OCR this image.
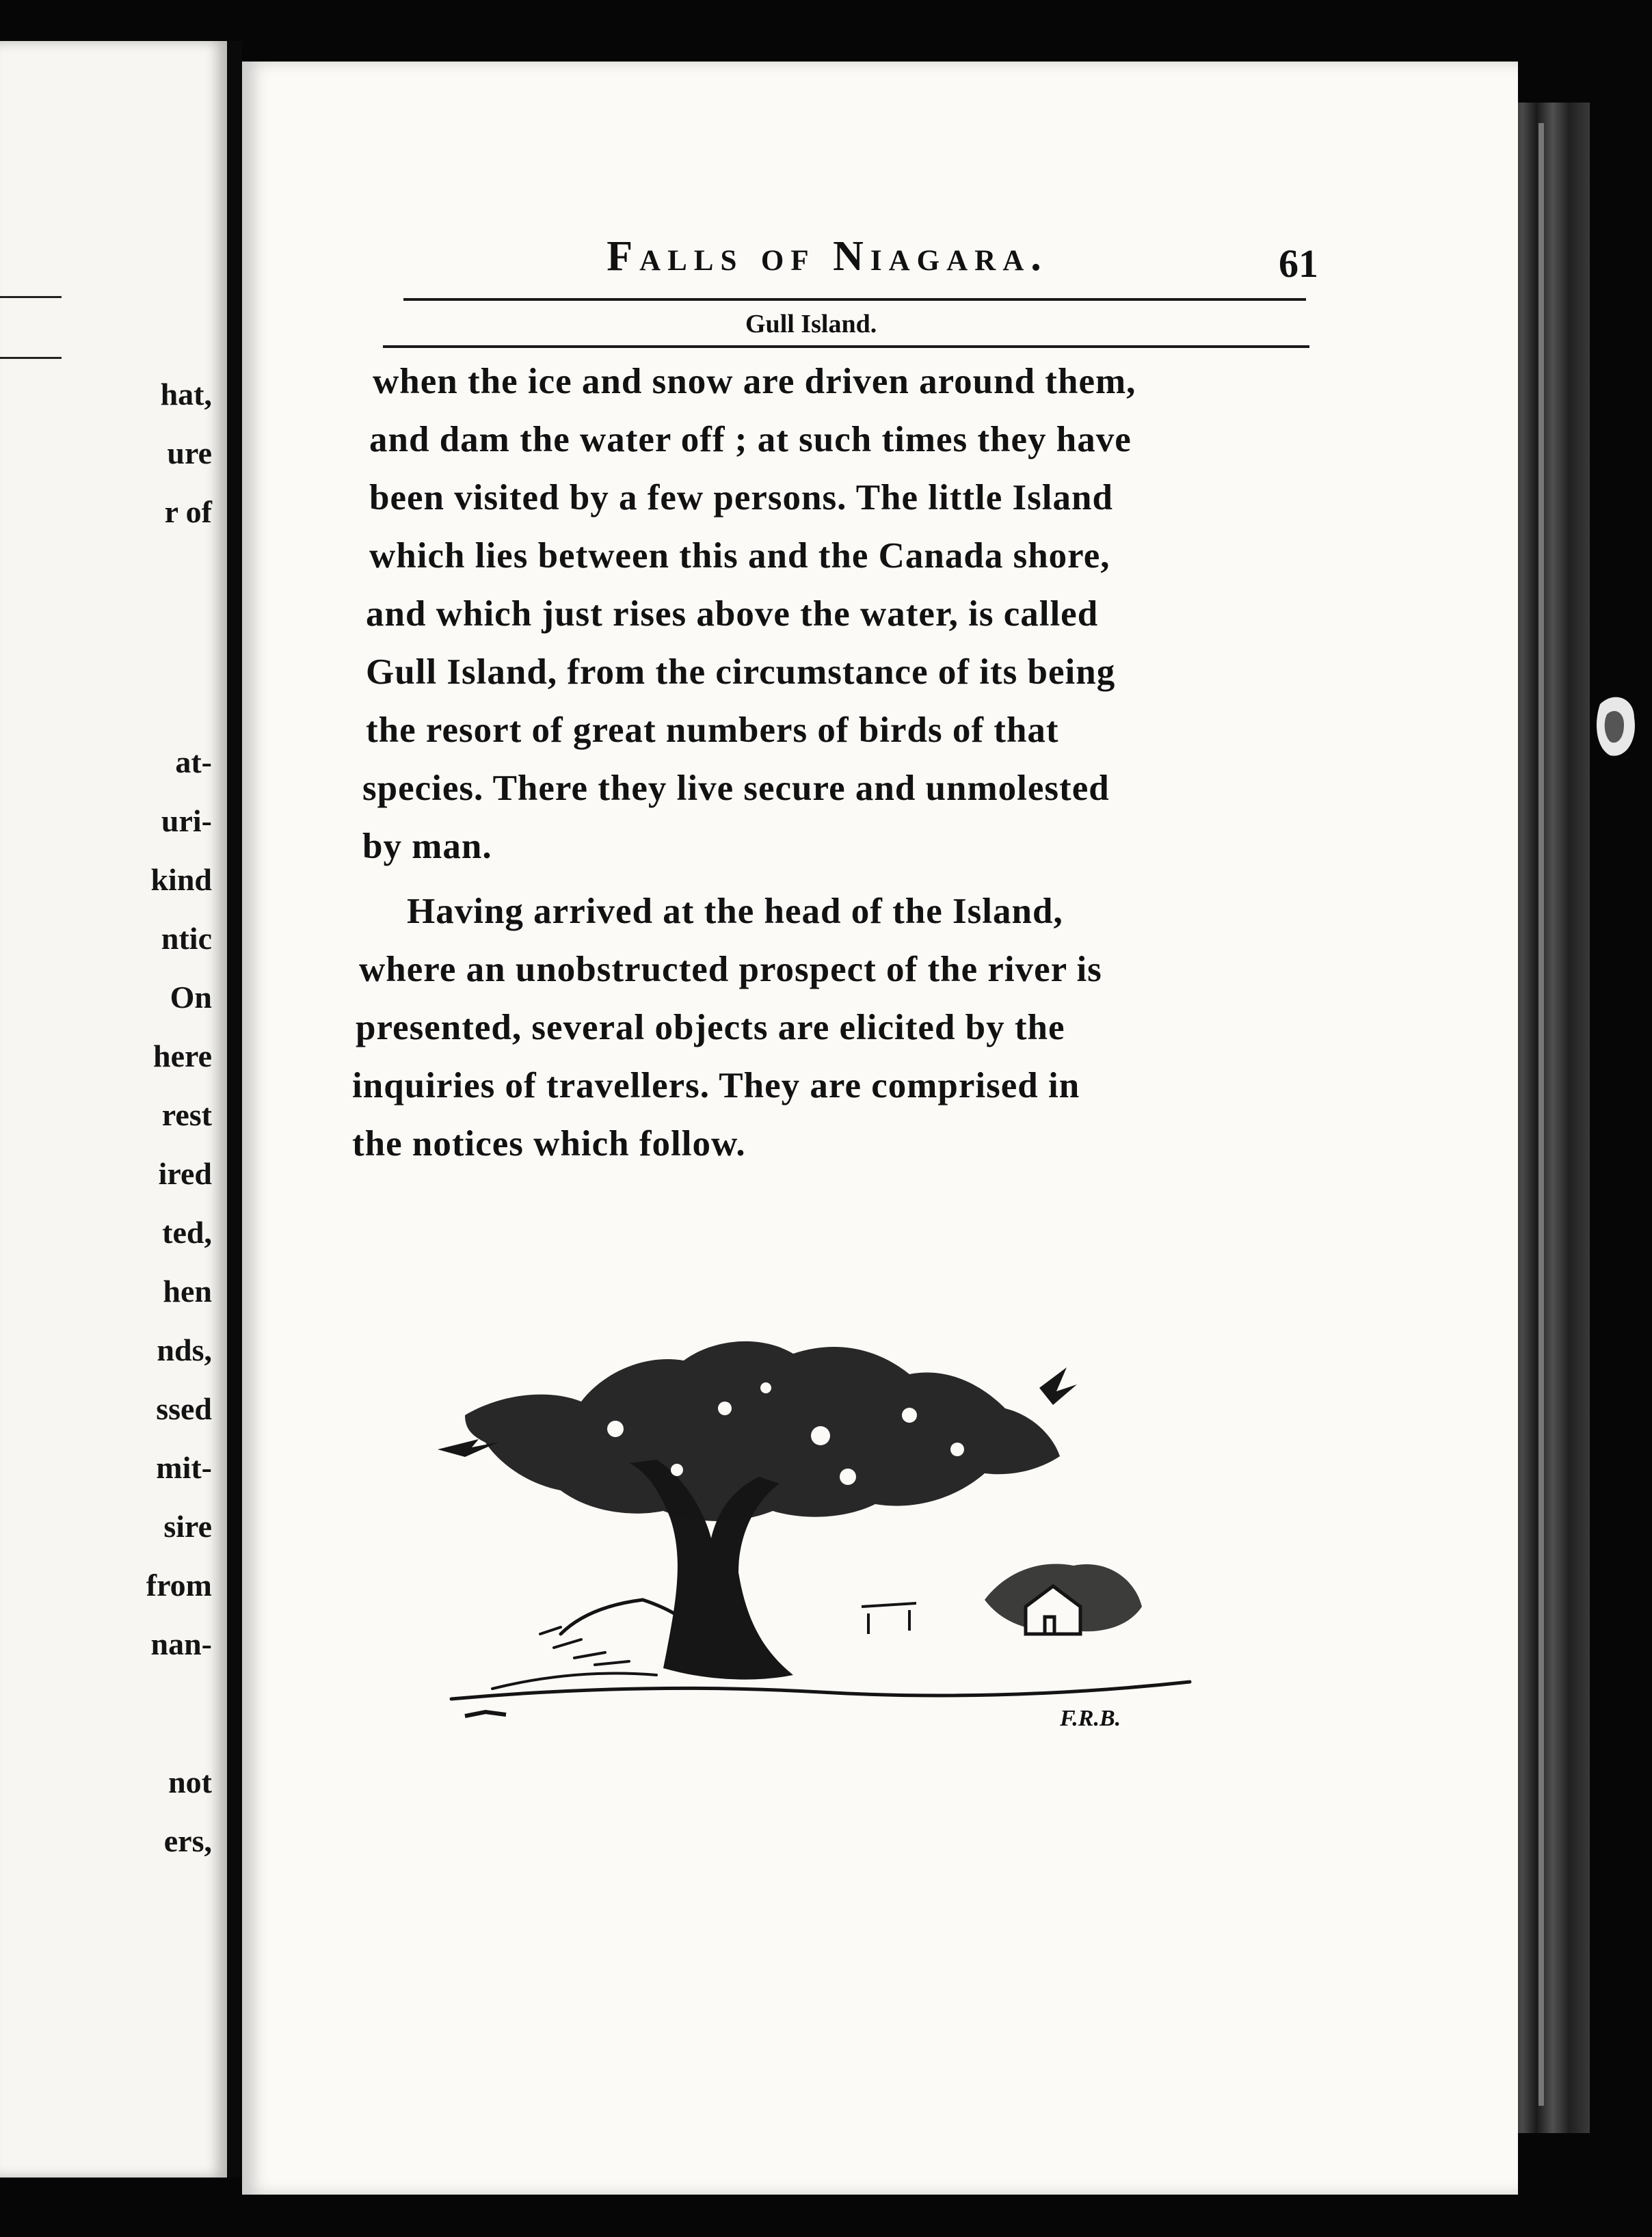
hat,

ure

r of

at-

uri-

kind

ntic

On

here

rest

ired

ted,

hen

nds,

ssed

mit-

sire

from

nan-

not

ers,

Falls of Niagara.	61

Gull Island.

when the ice and snow are driven around them,

and dam the water off ; at such times they have

been visited by a few persons. The little Island

which lies between this and the Canada shore,

and which just rises above the water, is called

Gull Island, from the circumstance of its being

the resort of great numbers of birds of that

species. There they live secure and unmolested

by man.

Having arrived at the head of the Island,

where an unobstructed prospect of the river is

presented, several objects are elicited by the

inquiries of travellers. They are comprised in

the notices which follow.

F.R.B.
